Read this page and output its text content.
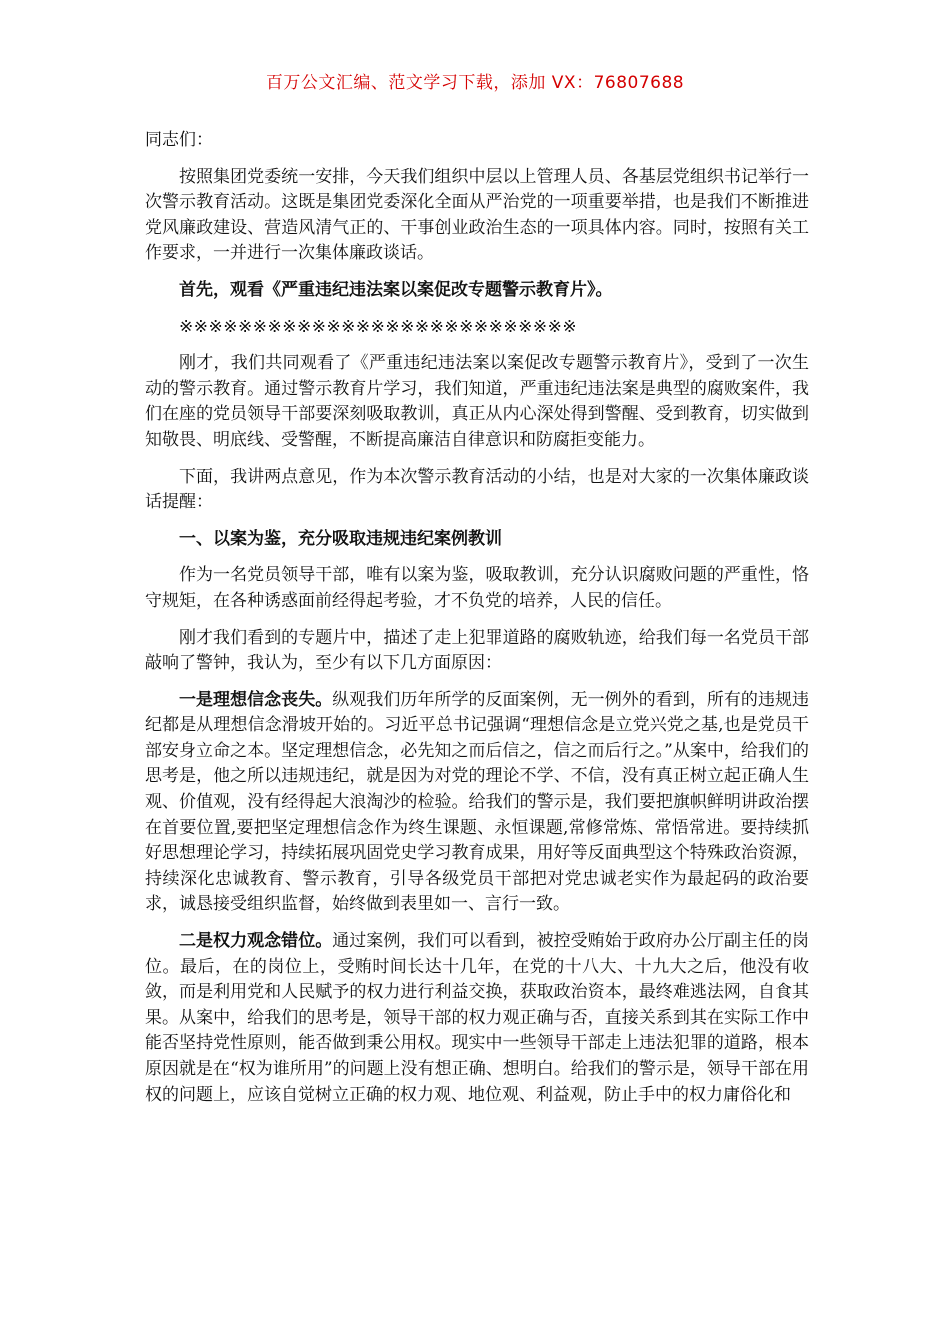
百万公文汇编、范文学习下载，添加 VX：76807688

同志们：

按照集团党委统一安排，今天我们组织中层以上管理人员、各基层党组织书记举行一次警示教育活动。这既是集团党委深化全面从严治党的一项重要举措，也是我们不断推进党风廉政建设、营造风清气正的、干事创业政治生态的一项具体内容。同时，按照有关工作要求，一并进行一次集体廉政谈话。

首先，观看《严重违纪违法案以案促改专题警示教育片》。

※※※※※※※※※※※※※※※※※※※※※※※※※※※

刚才，我们共同观看了《严重违纪违法案以案促改专题警示教育片》，受到了一次生动的警示教育。通过警示教育片学习，我们知道，严重违纪违法案是典型的腐败案件，我们在座的党员领导干部要深刻吸取教训，真正从内心深处得到警醒、受到教育，切实做到知敬畏、明底线、受警醒，不断提高廉洁自律意识和防腐拒变能力。

下面，我讲两点意见，作为本次警示教育活动的小结，也是对大家的一次集体廉政谈话提醒：

一、以案为鉴，充分吸取违规违纪案例教训

作为一名党员领导干部，唯有以案为鉴，吸取教训，充分认识腐败问题的严重性，恪守规矩，在各种诱惑面前经得起考验，才不负党的培养，人民的信任。

刚才我们看到的专题片中，描述了走上犯罪道路的腐败轨迹，给我们每一名党员干部敲响了警钟，我认为，至少有以下几方面原因：

一是理想信念丧失。纵观我们历年所学的反面案例，无一例外的看到，所有的违规违纪都是从理想信念滑坡开始的。习近平总书记强调“理想信念是立党兴党之基,也是党员干部安身立命之本。坚定理想信念，必先知之而后信之，信之而后行之。”从案中，给我们的思考是，他之所以违规违纪，就是因为对党的理论不学、不信，没有真正树立起正确人生观、价值观，没有经得起大浪淘沙的检验。给我们的警示是，我们要把旗帜鲜明讲政治摆在首要位置,要把坚定理想信念作为终生课题、永恒课题,常修常炼、常悟常进。要持续抓好思想理论学习，持续拓展巩固党史学习教育成果，用好等反面典型这个特殊政治资源，持续深化忠诚教育、警示教育，引导各级党员干部把对党忠诚老实作为最起码的政治要求，诚恳接受组织监督，始终做到表里如一、言行一致。

二是权力观念错位。通过案例，我们可以看到，被控受贿始于政府办公厅副主任的岗位。最后，在的岗位上，受贿时间长达十几年，在党的十八大、十九大之后，他没有收敛，而是利用党和人民赋予的权力进行利益交换，获取政治资本，最终难逃法网，自食其果。从案中，给我们的思考是，领导干部的权力观正确与否，直接关系到其在实际工作中能否坚持党性原则，能否做到秉公用权。现实中一些领导干部走上违法犯罪的道路，根本原因就是在“权为谁所用”的问题上没有想正确、想明白。给我们的警示是，领导干部在用权的问题上，应该自觉树立正确的权力观、地位观、利益观，防止手中的权力庸俗化和
